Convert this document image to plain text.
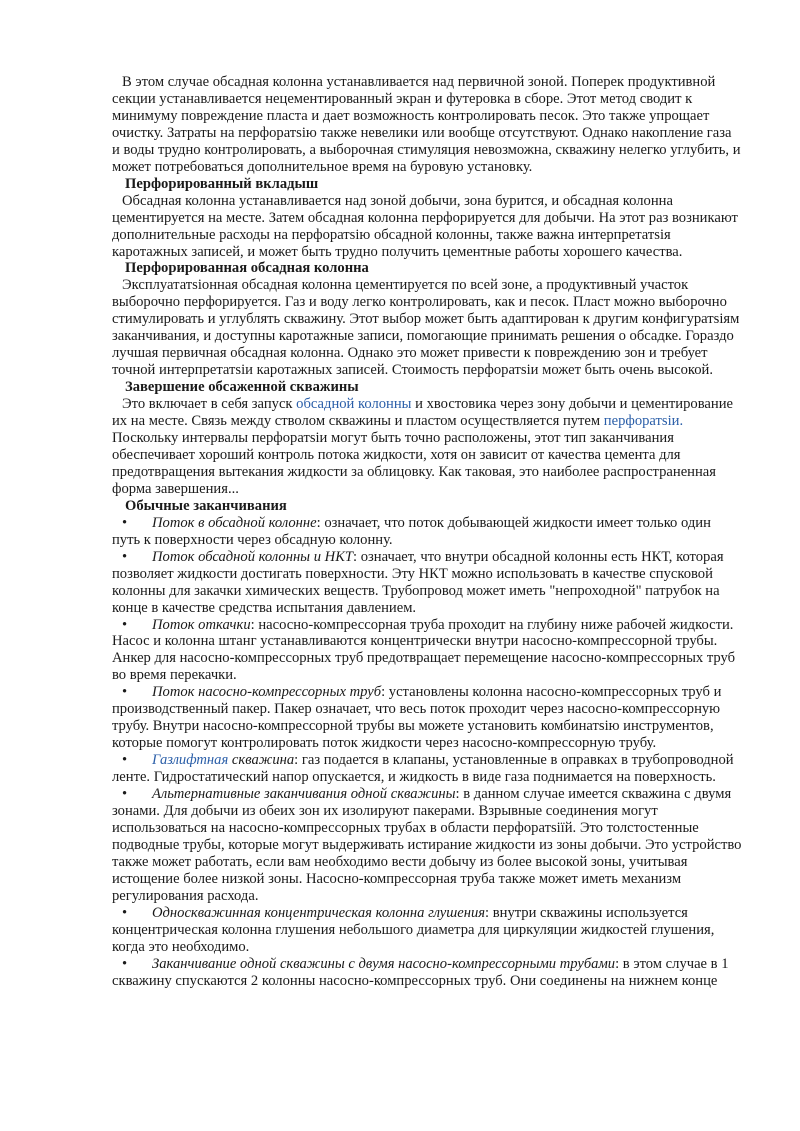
В этом случае обсадная колонна устанавливается над первичной зоной. Поперек продуктивной секции устанавливается нецементированный экран и футеровка в сборе. Этот метод сводит к минимуму повреждение пласта и дает возможность контролировать песок. Это также упрощает очистку. Затраты на перфоратsію также невелики или вообще отсутствуют. Однако накопление газа и воды трудно контролировать, а выборочная стимуляция невозможна, скважину нелегко углубить, и может потребоваться дополнительное время на буровую установку.

Перфорированный вкладыш

Обсадная колонна устанавливается над зоной добычи, зона бурится, и обсадная колонна цементируется на месте. Затем обсадная колонна перфорируется для добычи. На этот раз возникают дополнительные расходы на перфоратsію обсадной колонны, также важна интерпретатsія каротажных записей, и может быть трудно получить цементные работы хорошего качества.

Перфорированная обсадная колонна

Эксплуататsіонная обсадная колонна цементируется по всей зоне, а продуктивный участок выборочно перфорируется. Газ и воду легко контролировать, как и песок. Пласт можно выборочно стимулировать и углублять скважину. Этот выбор может быть адаптирован к другим конфигуратsіям заканчивания, и доступны каротажные записи, помогающие принимать решения о обсадке. Гораздо лучшая первичная обсадная колонна. Однако это может привести к повреждению зон и требует точной интерпретатsіи каротажных записей. Стоимость перфоратsіи может быть очень высокой.

Завершение обсаженной скважины

Это включает в себя запуск обсадной колонны и хвостовика через зону добычи и цементирование их на месте. Связь между стволом скважины и пластом осуществляется путем перфоратsіи. Поскольку интервалы перфоратsіи могут быть точно расположены, этот тип заканчивания обеспечивает хороший контроль потока жидкости, хотя он зависит от качества цемента для предотвращения вытекания жидкости за облицовку. Как таковая, это наиболее распространенная форма завершения...

Обычные заканчивания

• Поток в обсадной колонне: означает, что поток добывающей жидкости имеет только один путь к поверхности через обсадную колонну.

• Поток обсадной колонны и НКТ: означает, что внутри обсадной колонны есть НКТ, которая позволяет жидкости достигать поверхности. Эту НКТ можно использовать в качестве спусковой колонны для закачки химических веществ. Трубопровод может иметь "непроходной" патрубок на конце в качестве средства испытания давлением.

• Поток откачки: насосно-компрессорная труба проходит на глубину ниже рабочей жидкости. Насос и колонна штанг устанавливаются концентрически внутри насосно-компрессорной трубы. Анкер для насосно-компрессорных труб предотвращает перемещение насосно-компрессорных труб во время перекачки.

• Поток насосно-компрессорных труб: установлены колонна насосно-компрессорных труб и производственный пакер. Пакер означает, что весь поток проходит через насосно-компрессорную трубу. Внутри насосно-компрессорной трубы вы можете установить комбинатsію инструментов, которые помогут контролировать поток жидкости через насосно-компрессорную трубу.

• Газлифтная скважина: газ подается в клапаны, установленные в оправках в трубопроводной ленте. Гидростатический напор опускается, и жидкость в виде газа поднимается на поверхность.

• Альтернативные заканчивания одной скважины: в данном случае имеется скважина с двумя зонами. Для добычи из обеих зон их изолируют пакерами. Взрывные соединения могут использоваться на насосно-компрессорных трубах в области перфоратsіїй. Это толстостенные подводные трубы, которые могут выдерживать истирание жидкости из зоны добычи. Это устройство также может работать, если вам необходимо вести добычу из более высокой зоны, учитывая истощение более низкой зоны. Насосно-компрессорная труба также может иметь механизм регулирования расхода.

• Односкважинная концентрическая колонна глушения: внутри скважины используется концентрическая колонна глушения небольшого диаметра для циркуляции жидкостей глушения, когда это необходимо.

• Заканчивание одной скважины с двумя насосно-компрессорными трубами: в этом случае в 1 скважину спускаются 2 колонны насосно-компрессорных труб. Они соединены на нижнем конце
